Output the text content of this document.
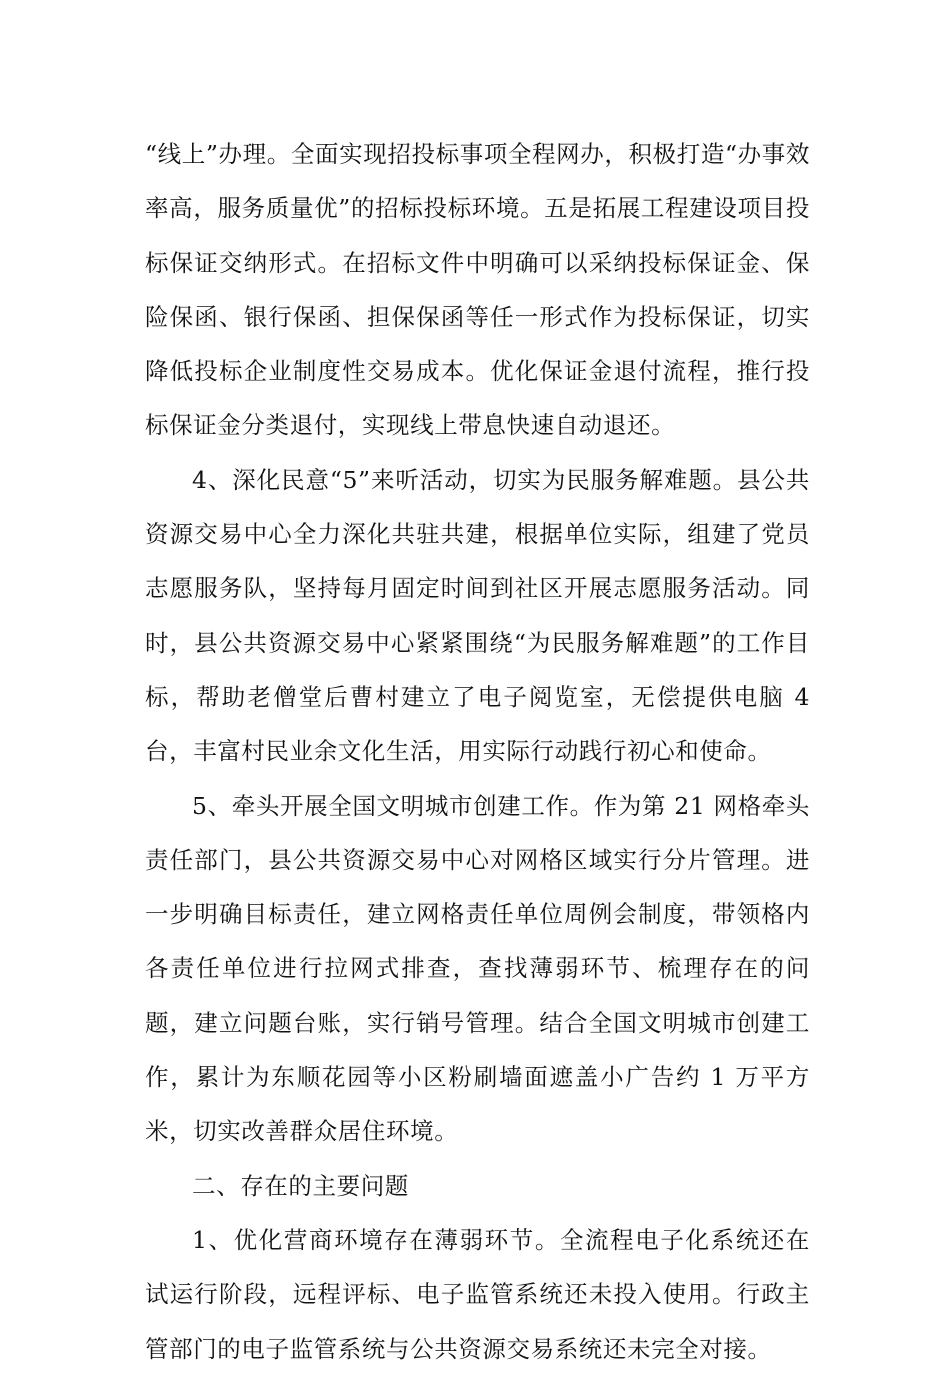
“线上”办理。全面实现招投标事项全程网办，积极打造“办事效率高，服务质量优”的招标投标环境。五是拓展工程建设项目投标保证交纳形式。在招标文件中明确可以采纳投标保证金、保险保函、银行保函、担保保函等任一形式作为投标保证，切实降低投标企业制度性交易成本。优化保证金退付流程，推行投标保证金分类退付，实现线上带息快速自动退还。

4、深化民意“5”来听活动，切实为民服务解难题。县公共资源交易中心全力深化共驻共建，根据单位实际，组建了党员志愿服务队，坚持每月固定时间到社区开展志愿服务活动。同时，县公共资源交易中心紧紧围绕“为民服务解难题”的工作目标，帮助老僧堂后曹村建立了电子阅览室，无偿提供电脑 4 台，丰富村民业余文化生活，用实际行动践行初心和使命。

5、牵头开展全国文明城市创建工作。作为第 21 网格牵头责任部门，县公共资源交易中心对网格区域实行分片管理。进一步明确目标责任，建立网格责任单位周例会制度，带领格内各责任单位进行拉网式排查，查找薄弱环节、梳理存在的问题，建立问题台账，实行销号管理。结合全国文明城市创建工作，累计为东顺花园等小区粉刷墙面遮盖小广告约 1 万平方米，切实改善群众居住环境。

二、存在的主要问题

1、优化营商环境存在薄弱环节。全流程电子化系统还在试运行阶段，远程评标、电子监管系统还未投入使用。行政主管部门的电子监管系统与公共资源交易系统还未完全对接。
